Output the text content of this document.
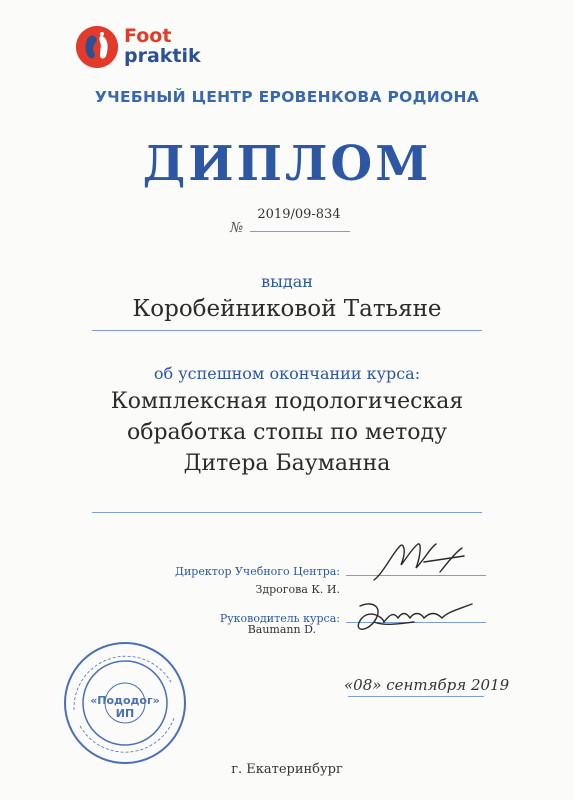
Foot
praktik
УЧЕБНЫЙ ЦЕНТР ЕРОВЕНКОВА РОДИОНА
ДИПЛОМ
№
2019/09-834
выдан
Коробейниковой Татьяне
об успешном окончании курса:
Комплексная подологическая
обработка стопы по методу
Дитера Бауманна
Директор Учебного Центра:
Здрогова К. И.
Руководитель курса:
Baumann D.
«08» сентября 2019
«Пододог» ИП
г. Екатеринбург
